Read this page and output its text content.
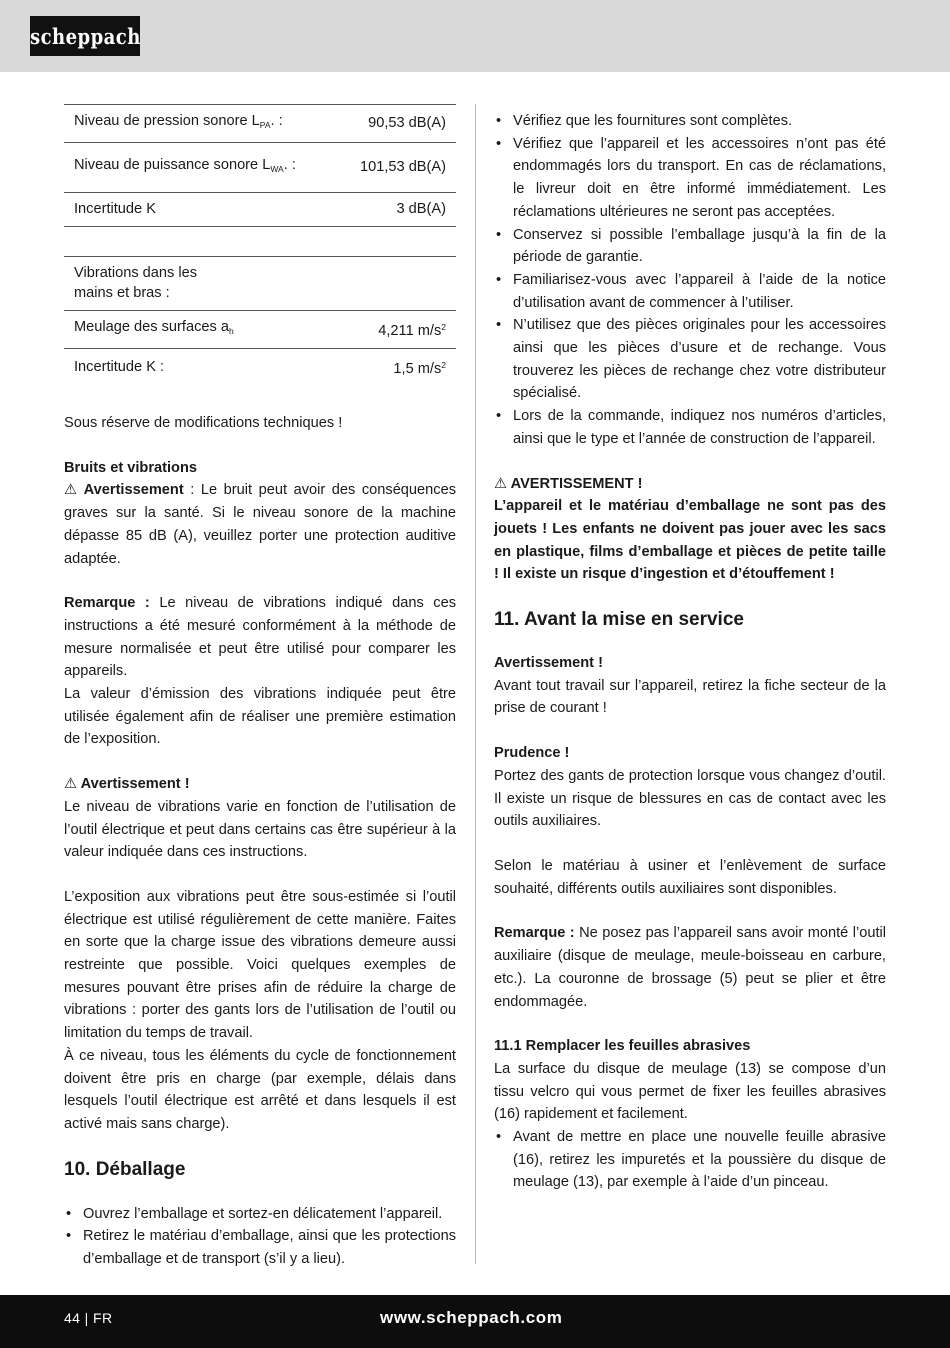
scheppach
Niveau de pression sonore $L_{PA}$. :	90,53 dB(A)
Niveau de puissance sonore $L_{WA}$. :	101,53 dB(A)
Incertitude K	3 dB(A)

Vibrations dans les mains et bras :	
Meulage des surfaces $a_h$	4,211 $m/s^2$
Incertitude K :	1,5 $m/s^2$

Sous réserve de modifications techniques !

Bruits et vibrations

⚠ Avertissement : Le bruit peut avoir des conséquences graves sur la santé. Si le niveau sonore de la machine dépasse 85 dB (A), veuillez porter une protection auditive adaptée.

Remarque : Le niveau de vibrations indiqué dans ces instructions a été mesuré conformément à la méthode de mesure normalisée et peut être utilisé pour comparer les appareils.

La valeur d’émission des vibrations indiquée peut être utilisée également afin de réaliser une première estimation de l’exposition.

⚠ Avertissement !

Le niveau de vibrations varie en fonction de l’utilisation de l’outil électrique et peut dans certains cas être supérieur à la valeur indiquée dans ces instructions.

L’exposition aux vibrations peut être sous-estimée si l’outil électrique est utilisé régulièrement de cette manière. Faites en sorte que la charge issue des vibrations demeure aussi restreinte que possible. Voici quelques exemples de mesures pouvant être prises afin de réduire la charge de vibrations : porter des gants lors de l’utilisation de l’outil ou limitation du temps de travail.

À ce niveau, tous les éléments du cycle de fonctionnement doivent être pris en charge (par exemple, délais dans lesquels l’outil électrique est arrêté et dans lesquels il est activé mais sans charge).

10. Déballage
• Ouvrez l’emballage et sortez-en délicatement l’appareil.
• Retirez le matériau d’emballage, ainsi que les protections d’emballage et de transport (s’il y a lieu).
• Vérifiez que les fournitures sont complètes.
• Vérifiez que l’appareil et les accessoires n’ont pas été endommagés lors du transport. En cas de réclamations, le livreur doit en être informé immédiatement. Les réclamations ultérieures ne seront pas acceptées.
• Conservez si possible l’emballage jusqu’à la fin de la période de garantie.
• Familiarisez-vous avec l’appareil à l’aide de la notice d’utilisation avant de commencer à l’utiliser.
• N’utilisez que des pièces originales pour les accessoires ainsi que les pièces d’usure et de rechange. Vous trouverez les pièces de rechange chez votre distributeur spécialisé.
• Lors de la commande, indiquez nos numéros d’articles, ainsi que le type et l’année de construction de l’appareil.

⚠ AVERTISSEMENT !

L’appareil et le matériau d’emballage ne sont pas des jouets ! Les enfants ne doivent pas jouer avec les sacs en plastique, films d’emballage et pièces de petite taille ! Il existe un risque d’ingestion et d’étouffement !

11. Avant la mise en service

Avertissement !

Avant tout travail sur l’appareil, retirez la fiche secteur de la prise de courant !

Prudence !

Portez des gants de protection lorsque vous changez d’outil. Il existe un risque de blessures en cas de contact avec les outils auxiliaires.

Selon le matériau à usiner et l’enlèvement de surface souhaité, différents outils auxiliaires sont disponibles.

Remarque : Ne posez pas l’appareil sans avoir monté l’outil auxiliaire (disque de meulage, meule-boisseau en carbure, etc.). La couronne de brossage (5) peut se plier et être endommagée.

11.1 Remplacer les feuilles abrasives

La surface du disque de meulage (13) se compose d’un tissu velcro qui vous permet de fixer les feuilles abrasives (16) rapidement et facilement.

• Avant de mettre en place une nouvelle feuille abrasive (16), retirez les impuretés et la poussière du disque de meulage (13), par exemple à l’aide d’un pinceau.
44 | FR	www.scheppach.com
